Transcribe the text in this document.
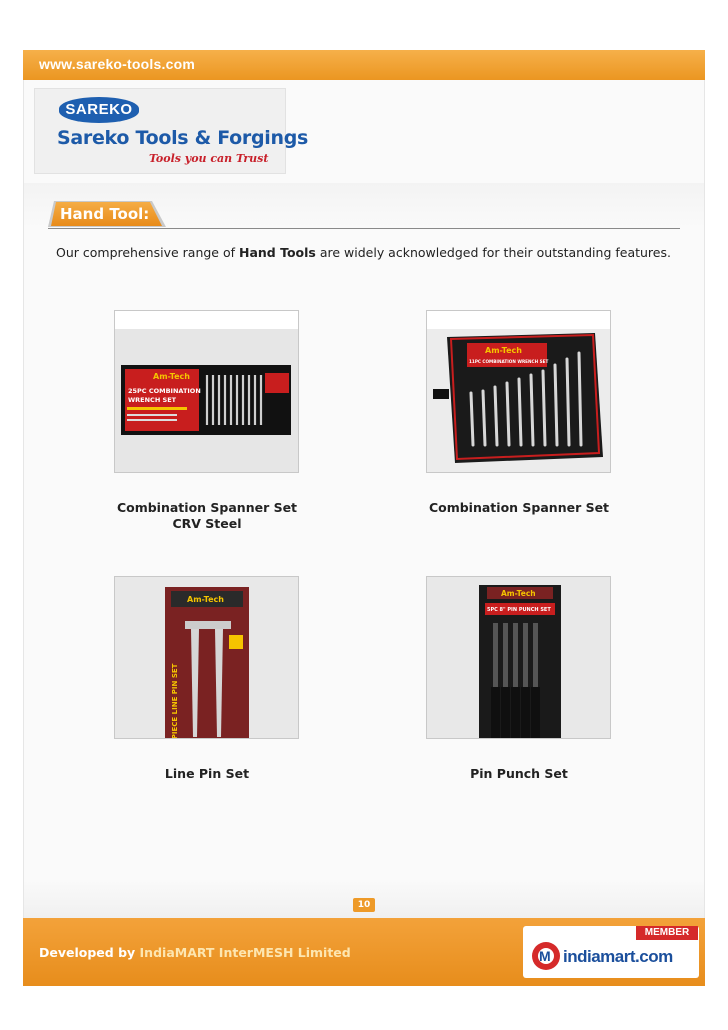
www.sareko-tools.com
SAREKO
Sareko Tools & Forgings
Tools you can Trust
Hand Tool:
Our comprehensive range of Hand Tools are widely acknowledged for their outstanding features.
Am-Tech
25PC COMBINATION
WRENCH SET
Combination Spanner Set
CRV Steel
Am-Tech
11PC COMBINATION WRENCH SET
Combination Spanner Set
Am-Tech
3-PIECE LINE PIN SET
Line Pin Set
Am-Tech
5PC 8" PIN PUNCH SET
Pin Punch Set
10
Developed by IndiaMART InterMESH Limited
MEMBER
M indiamart.com
